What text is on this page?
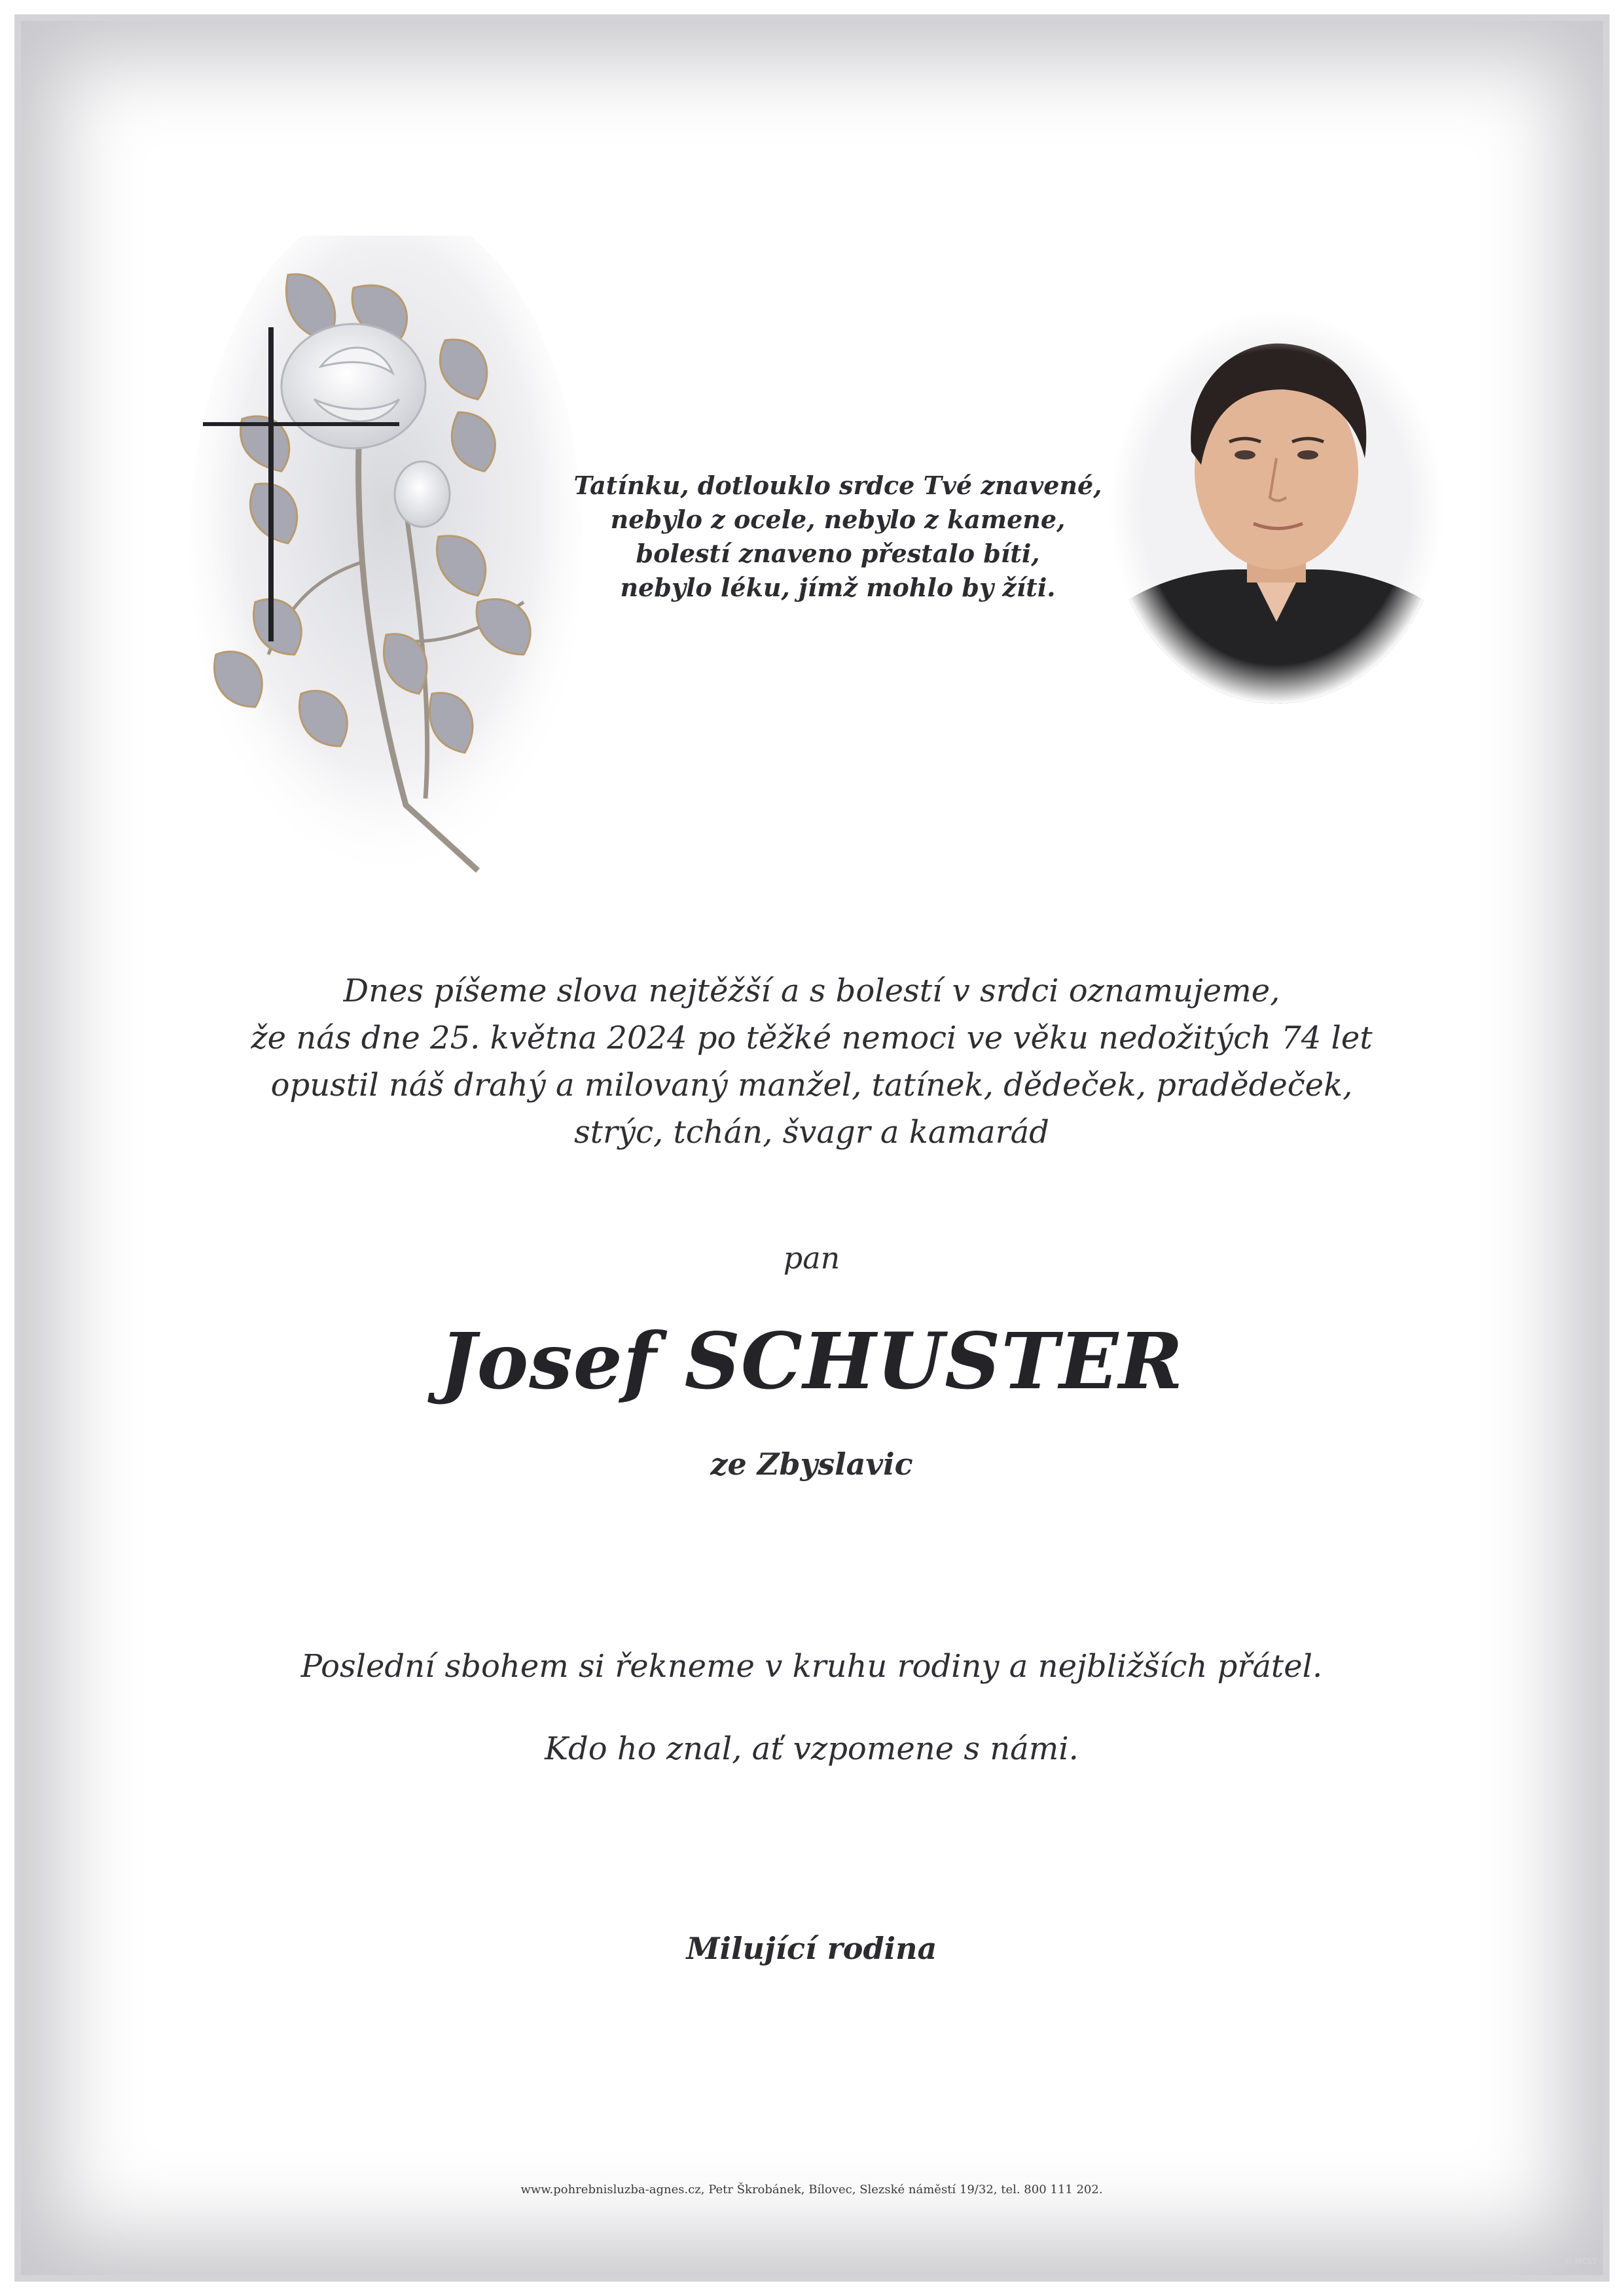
Tatínku, dotlouklo srdce Tvé znavené,
nebylo z ocele, nebylo z kamene,
bolestí znaveno přestalo bíti,
nebylo léku, jímž mohlo by žíti.
Dnes píšeme slova nejtěžší a s bolestí v srdci oznamujeme,
že nás dne 25. května 2024 po těžké nemoci ve věku nedožitých 74 let
opustil náš drahý a milovaný manžel, tatínek, dědeček, pradědeček,
strýc, tchán, švagr a kamarád
pan
Josef SCHUSTER
ze Zbyslavic
Poslední sbohem si řekneme v kruhu rodiny a nejbližších přátel.
Kdo ho znal, ať vzpomene s námi.
Milující rodina
www.pohrebnisluzba-agnes.cz, Petr Škrobánek, Bílovec, Slezské náměstí 19/32, tel. 800 111 202.
© MCST
